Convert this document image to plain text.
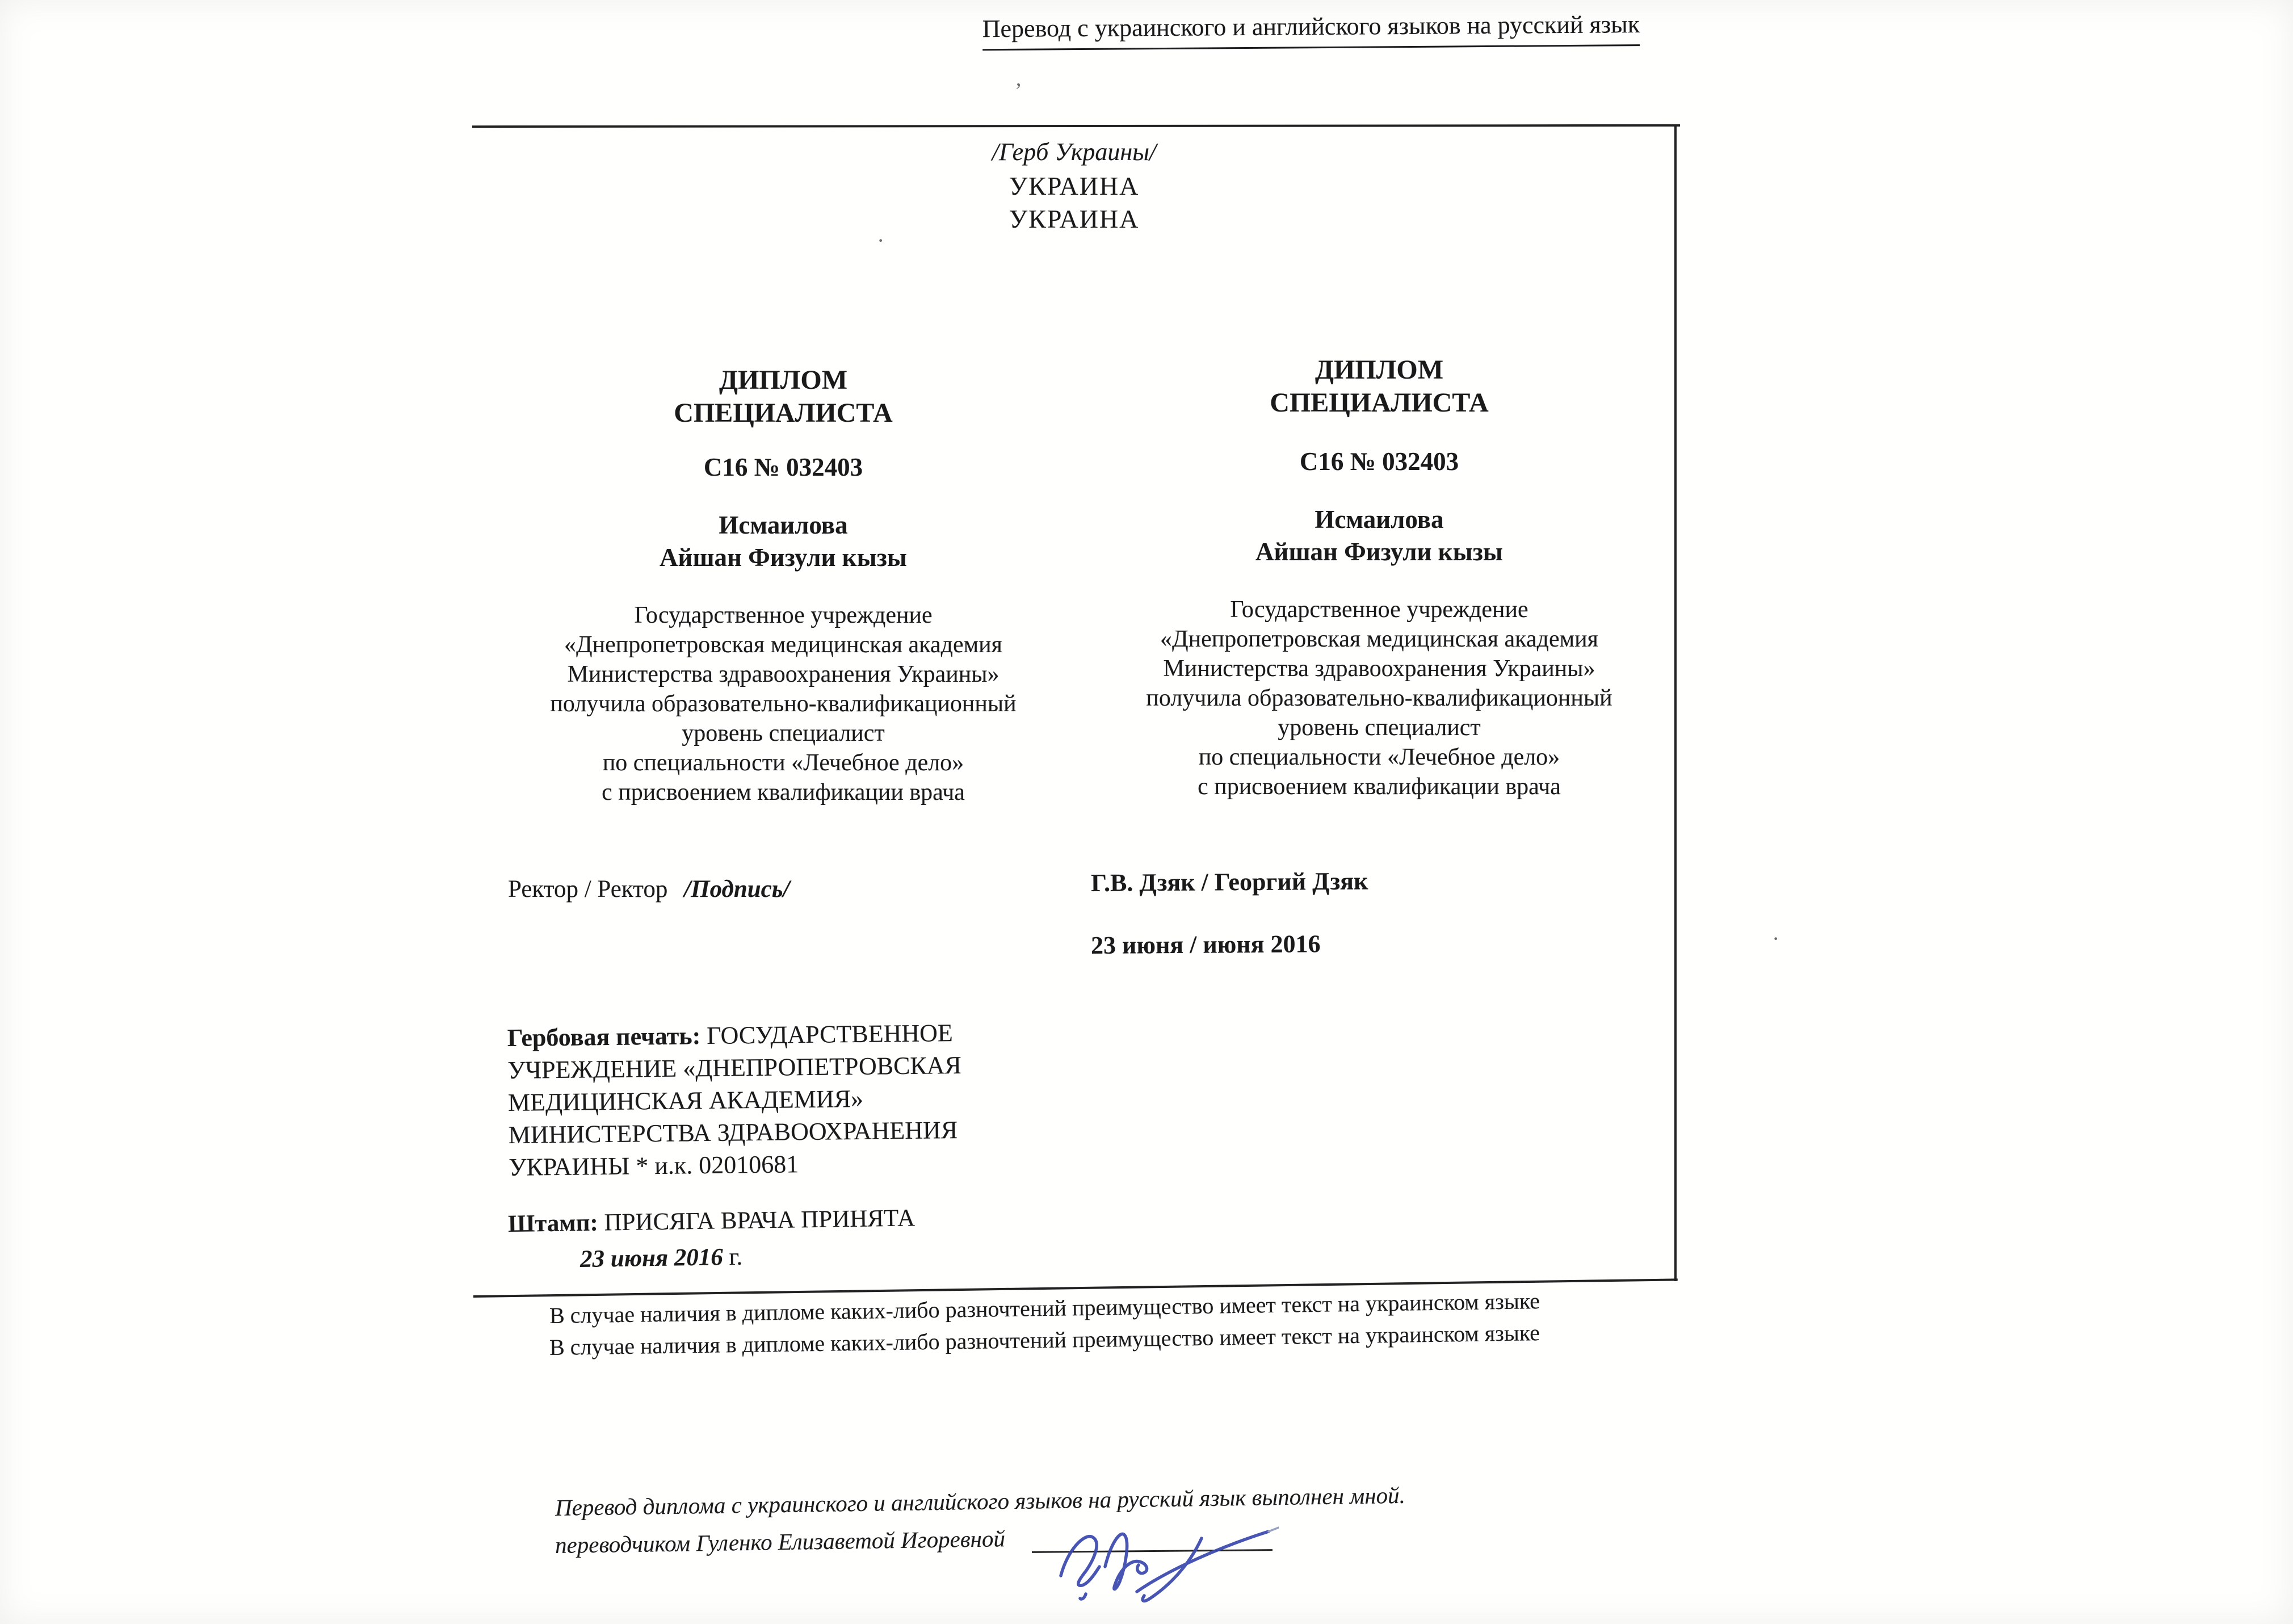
Перевод с украинского и английского языков на русский язык
/Герб Украины/
УКРАИНА
УКРАИНА
ДИПЛОМ
СПЕЦИАЛИСТА
С16 № 032403
Исмаилова
Айшан Физули кызы
Государственное учреждение
«Днепропетровская медицинская академия
Министерства здравоохранения Украины»
получила образовательно-квалификационный
уровень специалист
по специальности «Лечебное дело»
с присвоением квалификации врача
Ректор / Ректор /Подпись/
ДИПЛОМ
СПЕЦИАЛИСТА
С16 № 032403
Исмаилова
Айшан Физули кызы
Государственное учреждение
«Днепропетровская медицинская академия
Министерства здравоохранения Украины»
получила образовательно-квалификационный
уровень специалист
по специальности «Лечебное дело»
с присвоением квалификации врача
Г.В. Дзяк / Георгий Дзяк
23 июня / июня 2016
Гербовая печать: ГОСУДАРСТВЕННОЕ
УЧРЕЖДЕНИЕ «ДНЕПРОПЕТРОВСКАЯ
МЕДИЦИНСКАЯ АКАДЕМИЯ»
МИНИСТЕРСТВА ЗДРАВООХРАНЕНИЯ
УКРАИНЫ * и.к. 02010681
Штамп: ПРИСЯГА ВРАЧА ПРИНЯТА
23 июня 2016 г.
В случае наличия в дипломе каких-либо разночтений преимущество имеет текст на украинском языке
В случае наличия в дипломе каких-либо разночтений преимущество имеет текст на украинском языке
Перевод диплома с украинского и английского языков на русский язык выполнен мной.
переводчиком Гуленко Елизаветой Игоревной
’
·
·
